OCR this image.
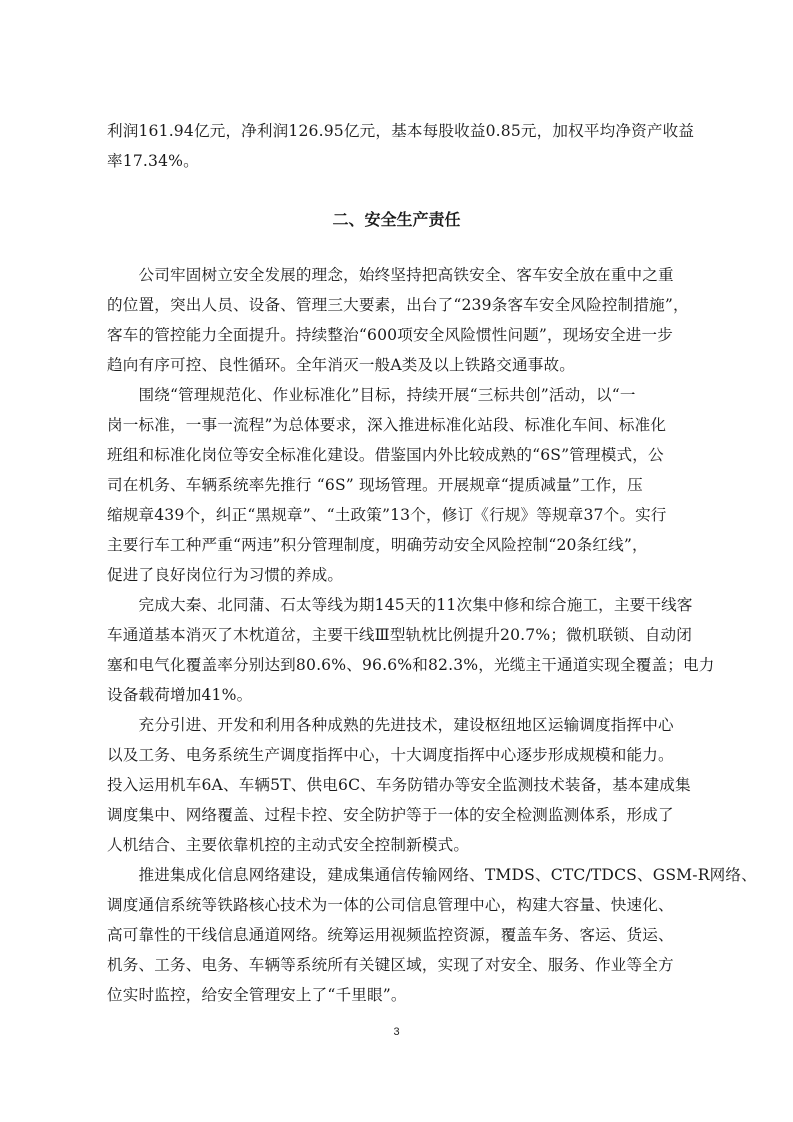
利润161.94亿元，净利润126.95亿元，基本每股收益0.85元，加权平均净资产收益
率17.34%。
二、安全生产责任
　　公司牢固树立安全发展的理念，始终坚持把高铁安全、客车安全放在重中之重
的位置，突出人员、设备、管理三大要素，出台了“239条客车安全风险控制措施”，
客车的管控能力全面提升。持续整治“600项安全风险惯性问题”，现场安全进一步
趋向有序可控、良性循环。全年消灭一般A类及以上铁路交通事故。
　　围绕“管理规范化、作业标准化”目标，持续开展“三标共创”活动，以“一
岗一标准，一事一流程”为总体要求，深入推进标准化站段、标准化车间、标准化
班组和标准化岗位等安全标准化建设。借鉴国内外比较成熟的“6S”管理模式，公
司在机务、车辆系统率先推行 “6S” 现场管理。开展规章“提质减量”工作，压
缩规章439个，纠正“黑规章”、“土政策”13个，修订《行规》等规章37个。实行
主要行车工种严重“两违”积分管理制度，明确劳动安全风险控制“20条红线”，
促进了良好岗位行为习惯的养成。
　　完成大秦、北同蒲、石太等线为期145天的11次集中修和综合施工，主要干线客
车通道基本消灭了木枕道岔，主要干线Ⅲ型轨枕比例提升20.7%；微机联锁、自动闭
塞和电气化覆盖率分别达到80.6%、96.6%和82.3%，光缆主干通道实现全覆盖；电力
设备载荷增加41%。
　　充分引进、开发和利用各种成熟的先进技术，建设枢纽地区运输调度指挥中心
以及工务、电务系统生产调度指挥中心，十大调度指挥中心逐步形成规模和能力。
投入运用机车6A、车辆5T、供电6C、车务防错办等安全监测技术装备，基本建成集
调度集中、网络覆盖、过程卡控、安全防护等于一体的安全检测监测体系，形成了
人机结合、主要依靠机控的主动式安全控制新模式。
　　推进集成化信息网络建设，建成集通信传输网络、TMDS、CTC/TDCS、GSM-R网络、
调度通信系统等铁路核心技术为一体的公司信息管理中心，构建大容量、快速化、
高可靠性的干线信息通道网络。统筹运用视频监控资源，覆盖车务、客运、货运、
机务、工务、电务、车辆等系统所有关键区域，实现了对安全、服务、作业等全方
位实时监控，给安全管理安上了“千里眼”。
3
